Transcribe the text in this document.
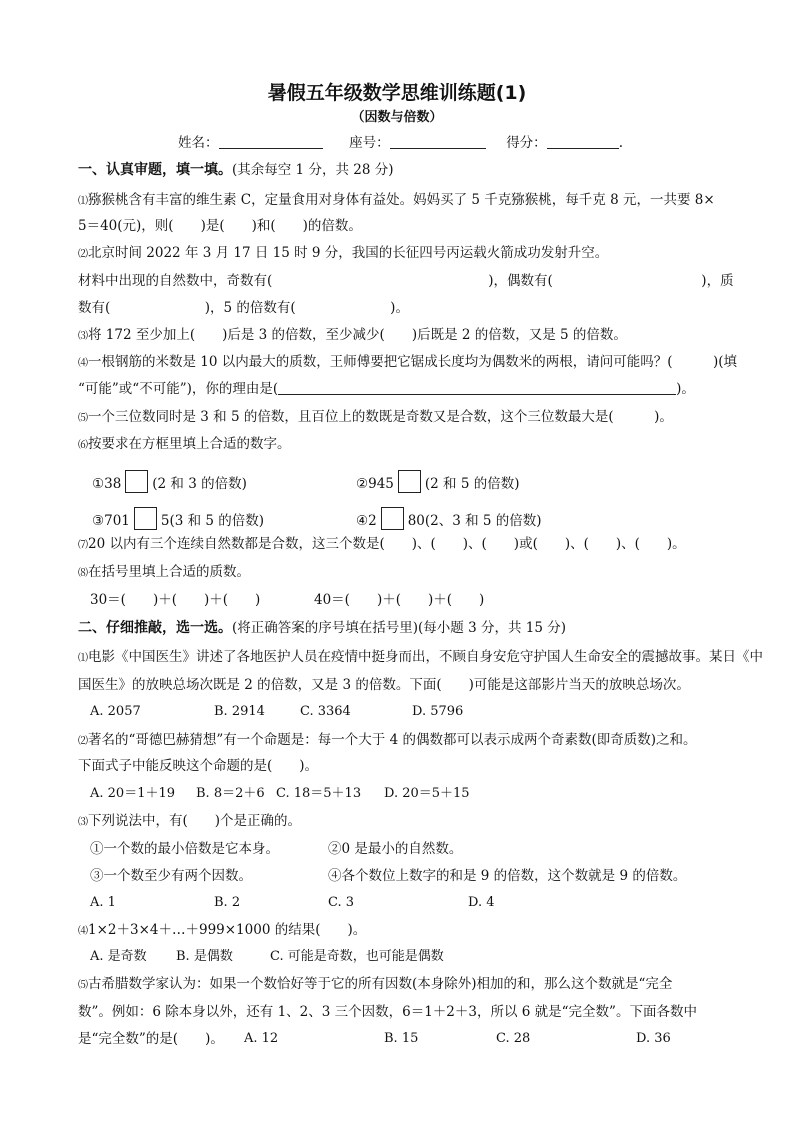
暑假五年级数学思维训练题(1)
（因数与倍数）
姓名：	座号：	得分：	.
一、认真审题，填一填。(其余每空 1 分，共 28 分)
⑴猕猴桃含有丰富的维生素 C，定量食用对身体有益处。妈妈买了 5 千克猕猴桃，每千克 8 元，一共要 8×
5＝40(元)，则(　　)是(　　)和(　　)的倍数。
⑵北京时间 2022 年 3 月 17 日 15 时 9 分，我国的长征四号丙运载火箭成功发射升空。
材料中出现的自然数中，奇数有(　　　　　　　　　　　　　　　　)，偶数有(　　　　　　　　　　　)，质
数有(　　　　　　　)，5 的倍数有(　　　　　　　)。
⑶将 172 至少加上(　　)后是 3 的倍数，至少减少(　　)后既是 2 的倍数，又是 5 的倍数。
⑷一根钢筋的米数是 10 以内最大的质数，王师傅要把它锯成长度均为偶数米的两根，请问可能吗？(　　　)(填
“可能”或“不可能”)，你的理由是(	)。
⑸一个三位数同时是 3 和 5 的倍数，且百位上的数既是奇数又是合数，这个三位数最大是(　　　)。
⑹按要求在方框里填上合适的数字。
①38 (2 和 3 的倍数)	②945 (2 和 5 的倍数)
③701 5(3 和 5 的倍数)	④2 80(2、3 和 5 的倍数)
⑺20 以内有三个连续自然数都是合数，这三个数是(　　)、(　　)、(　　)或(　　)、(　　)、(　　)。
⑻在括号里填上合适的质数。
30＝(　　)＋(　　)＋(　　)	40＝(　　)＋(　　)＋(　　)
二、仔细推敲，选一选。(将正确答案的序号填在括号里)(每小题 3 分，共 15 分)
⑴电影《中国医生》讲述了各地医护人员在疫情中挺身而出，不顾自身安危守护国人生命安全的震撼故事。某日《中
国医生》的放映总场次既是 2 的倍数，又是 3 的倍数。下面(　　)可能是这部影片当天的放映总场次。
A. 2057	B. 2914	C. 3364	D. 5796
⑵著名的“哥德巴赫猜想”有一个命题是：每一个大于 4 的偶数都可以表示成两个奇素数(即奇质数)之和。
下面式子中能反映这个命题的是(　　)。
A. 20＝1＋19 B. 8＝2＋6 C. 18＝5＋13 D. 20＝5＋15
⑶下列说法中，有(　　)个是正确的。
①一个数的最小倍数是它本身。	②0 是最小的自然数。
③一个数至少有两个因数。	④各个数位上数字的和是 9 的倍数，这个数就是 9 的倍数。
A. 1	B. 2	C. 3	D. 4
⑷1×2＋3×4＋…＋999×1000 的结果(　　)。
A. 是奇数 B. 是偶数	C. 可能是奇数，也可能是偶数
⑸古希腊数学家认为：如果一个数恰好等于它的所有因数(本身除外)相加的和，那么这个数就是“完全
数”。例如：6 除本身以外，还有 1、2、3 三个因数，6＝1＋2＋3，所以 6 就是“完全数”。下面各数中
是“完全数”的是(　　)。 A. 12	B. 15	C. 28	D. 36
